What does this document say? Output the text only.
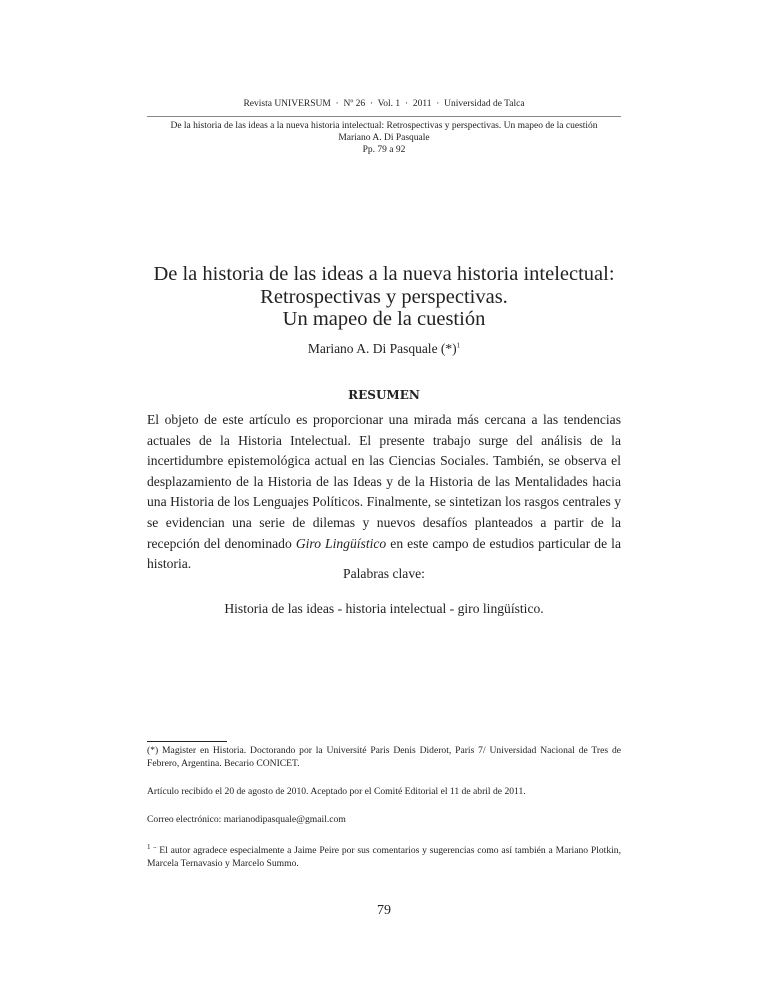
Revista UNIVERSUM  ·  Nº 26  ·  Vol. 1  ·  2011  ·  Universidad de Talca
De la historia de las ideas a la nueva historia intelectual: Retrospectivas y perspectivas. Un mapeo de la cuestión
Mariano A. Di Pasquale
Pp. 79 a 92
De la historia de las ideas a la nueva historia intelectual:
Retrospectivas y perspectivas.
Un mapeo de la cuestión
Mariano A. Di Pasquale $(*)^1$
RESUMEN
El objeto de este artículo es proporcionar una mirada más cercana a las tendencias actuales de la Historia Intelectual. El presente trabajo surge del análisis de la incertidumbre epistemológica actual en las Ciencias Sociales. También, se observa el desplazamiento de la Historia de las Ideas y de la Historia de las Mentalidades hacia una Historia de los Lenguajes Políticos. Finalmente, se sintetizan los rasgos centrales y se evidencian una serie de dilemas y nuevos desafíos planteados a partir de la recepción del denominado Giro Lingüístico en este campo de estudios particular de la historia.
Palabras clave:
Historia de las ideas - historia intelectual - giro lingüístico.
(*) Magister en Historia. Doctorando por la Université Paris Denis Diderot, Paris 7/ Universidad Nacional de Tres de Febrero, Argentina. Becario CONICET.
Artículo recibido el 20 de agosto de 2010. Aceptado por el Comité Editorial el 11 de abril de 2011.
Correo electrónico: marianodipasquale@gmail.com
$^1$ ¨ El autor agradece especialmente a Jaime Peire por sus comentarios y sugerencias como así también a Mariano Plotkin, Marcela Ternavasio y Marcelo Summo.
79
